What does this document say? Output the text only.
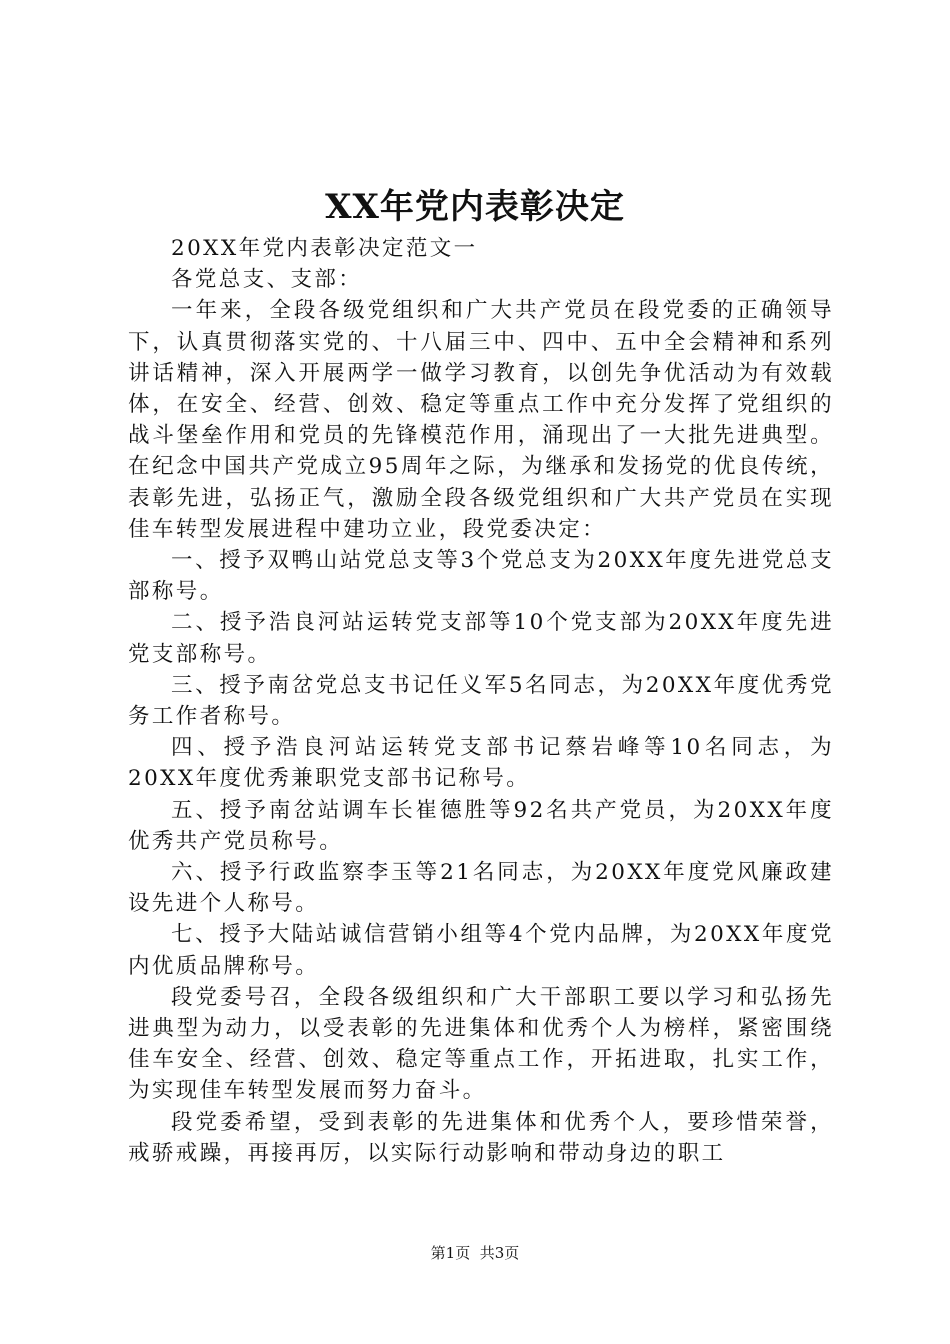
XX年党内表彰决定

20XX年党内表彰决定范文一

各党总支、支部：

一年来，全段各级党组织和广大共产党员在段党委的正确领导下，认真贯彻落实党的、十八届三中、四中、五中全会精神和系列讲话精神，深入开展两学一做学习教育，以创先争优活动为有效载体，在安全、经营、创效、稳定等重点工作中充分发挥了党组织的战斗堡垒作用和党员的先锋模范作用，涌现出了一大批先进典型。在纪念中国共产党成立95周年之际，为继承和发扬党的优良传统，表彰先进，弘扬正气，激励全段各级党组织和广大共产党员在实现佳车转型发展进程中建功立业，段党委决定：

一、授予双鸭山站党总支等3个党总支为20XX年度先进党总支部称号。

二、授予浩良河站运转党支部等10个党支部为20XX年度先进党支部称号。

三、授予南岔党总支书记任义军5名同志，为20XX年度优秀党务工作者称号。

四、授予浩良河站运转党支部书记蔡岩峰等10名同志，为20XX年度优秀兼职党支部书记称号。

五、授予南岔站调车长崔德胜等92名共产党员，为20XX年度优秀共产党员称号。

六、授予行政监察李玉等21名同志，为20XX年度党风廉政建设先进个人称号。

七、授予大陆站诚信营销小组等4个党内品牌，为20XX年度党内优质品牌称号。

段党委号召，全段各级组织和广大干部职工要以学习和弘扬先进典型为动力，以受表彰的先进集体和优秀个人为榜样，紧密围绕佳车安全、经营、创效、稳定等重点工作，开拓进取，扎实工作，为实现佳车转型发展而努力奋斗。

段党委希望，受到表彰的先进集体和优秀个人，要珍惜荣誉，戒骄戒躁，再接再厉，以实际行动影响和带动身边的职工

第1页 共3页
